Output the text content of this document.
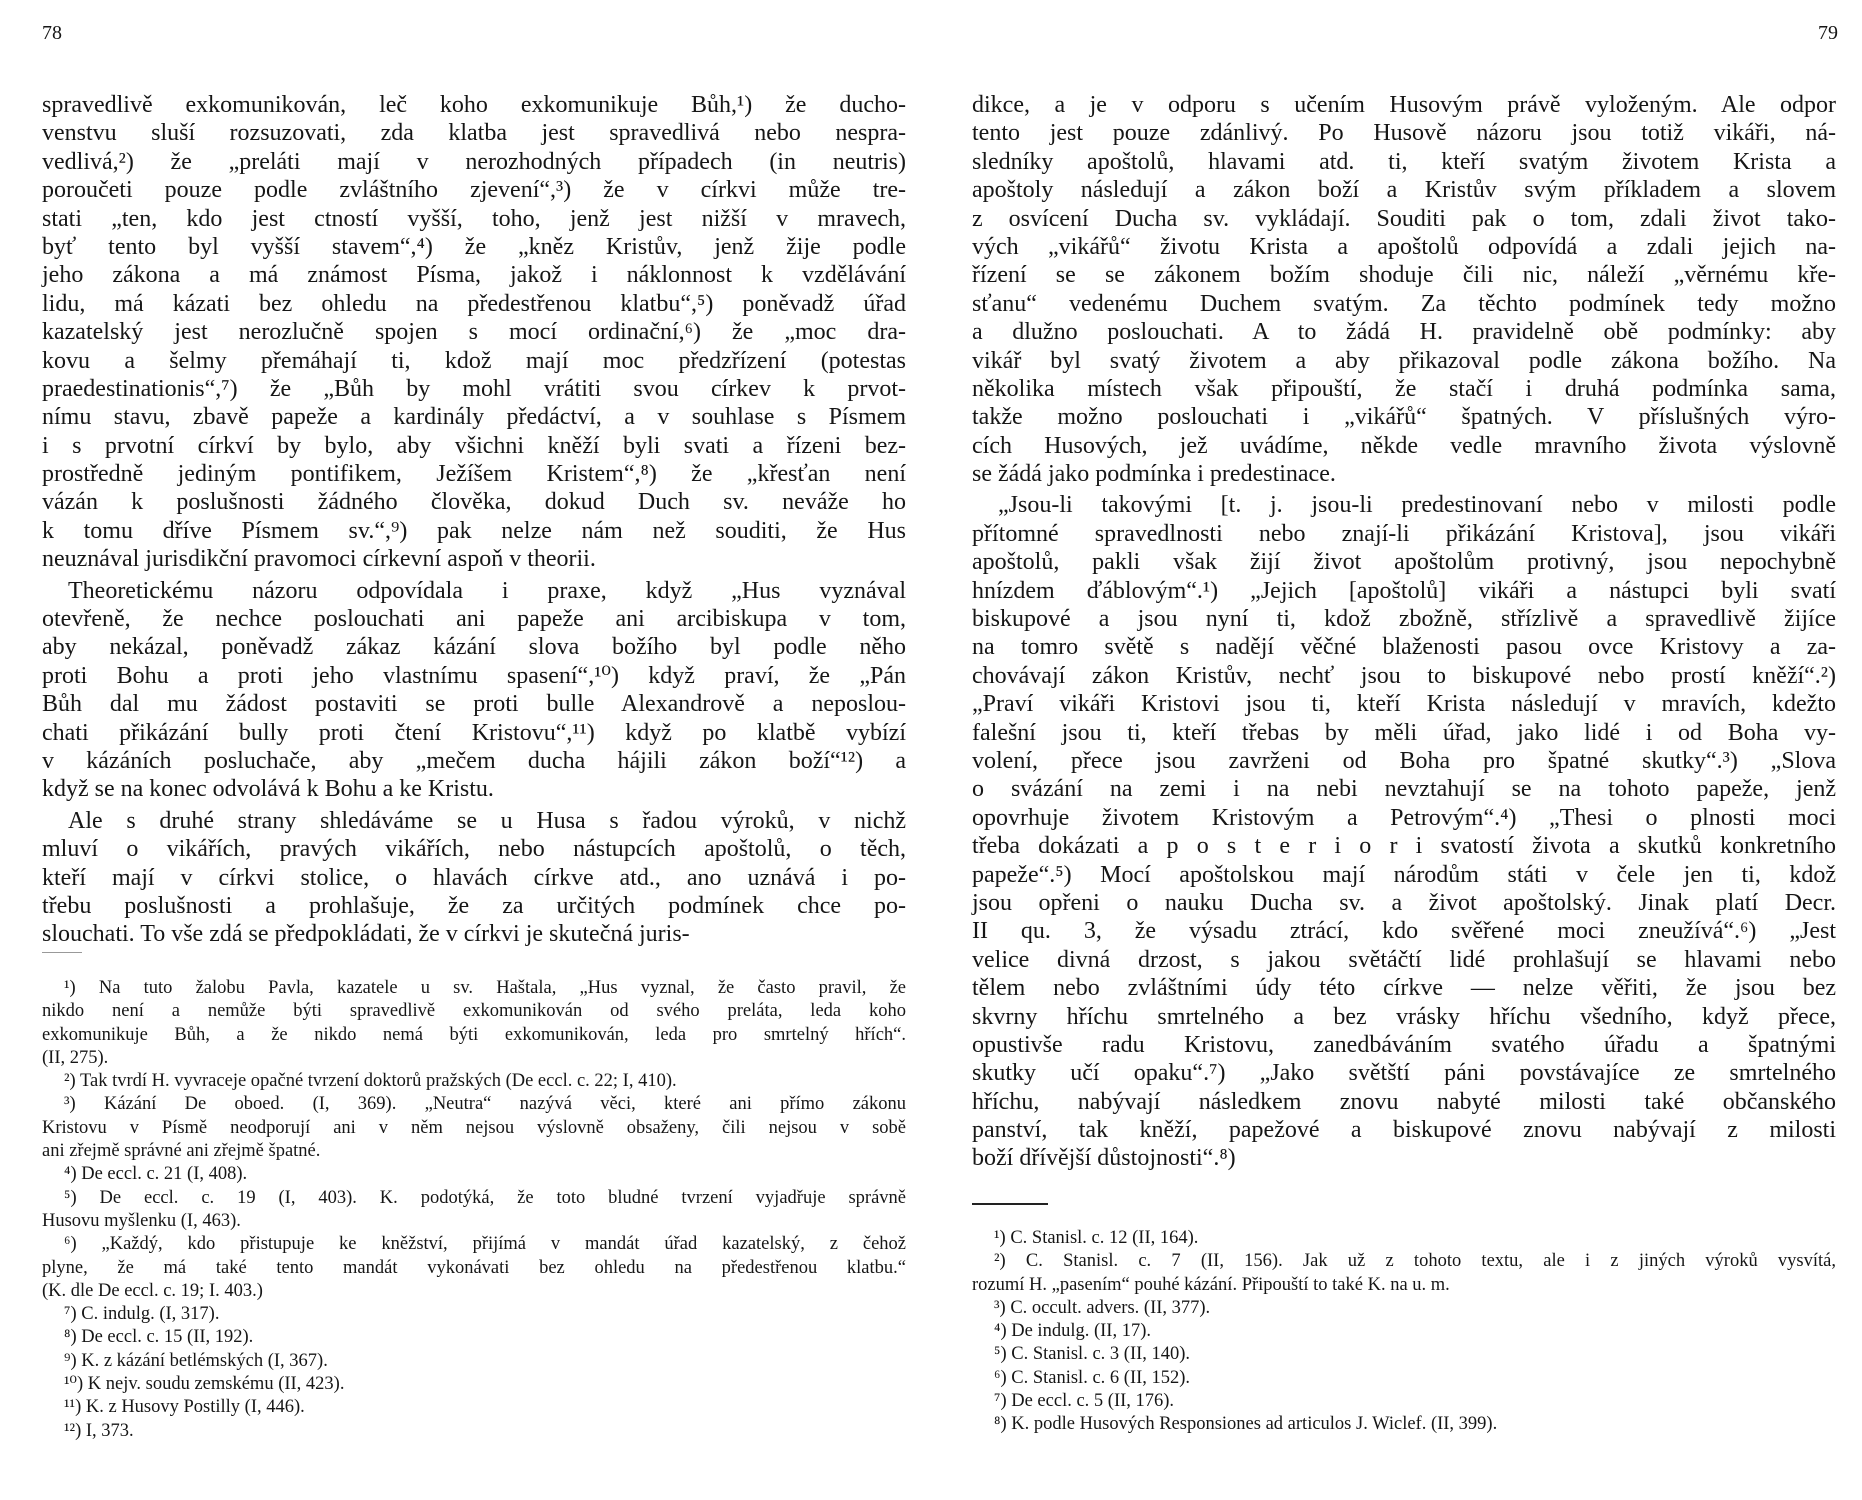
78	79
spravedlivě exkomunikován, leč koho exkomunikuje Bůh,¹) že ducho-
venstvu sluší rozsuzovati, zda klatba jest spravedlivá nebo nespra-
vedlivá,²) že „preláti mají v nerozhodných případech (in neutris)
poroučeti pouze podle zvláštního zjevení“,³) že v církvi může tre-
stati „ten, kdo jest ctností vyšší, toho, jenž jest nižší v mravech,
byť tento byl vyšší stavem“,⁴) že „kněz Kristův, jenž žije podle
jeho zákona a má známost Písma, jakož i náklonnost k vzdělávání
lidu, má kázati bez ohledu na předestřenou klatbu“,⁵) poněvadž úřad
kazatelský jest nerozlučně spojen s mocí ordinační,⁶) že „moc dra-
kovu a šelmy přemáhají ti, kdož mají moc předzřízení (potestas
praedestinationis“,⁷) že „Bůh by mohl vrátiti svou církev k prvot-
nímu stavu, zbavě papeže a kardinály předáctví, a v souhlase s Písmem
i s prvotní církví by bylo, aby všichni kněží byli svati a řízeni bez-
prostředně jediným pontifikem, Ježíšem Kristem“,⁸) že „křesťan není
vázán k poslušnosti žádného člověka, dokud Duch sv. neváže ho
k tomu dříve Písmem sv.“,⁹) pak nelze nám než souditi, že Hus
neuznával jurisdikční pravomoci církevní aspoň v theorii.
Theoretickému názoru odpovídala i praxe, když „Hus vyznával
otevřeně, že nechce poslouchati ani papeže ani arcibiskupa v tom,
aby nekázal, poněvadž zákaz kázání slova božího byl podle něho
proti Bohu a proti jeho vlastnímu spasení“,¹⁰) když praví, že „Pán
Bůh dal mu žádost postaviti se proti bulle Alexandrově a neposlou-
chati přikázání bully proti čtení Kristovu“,¹¹) když po klatbě vybízí
v kázáních posluchače, aby „mečem ducha hájili zákon boží“¹²) a
když se na konec odvolává k Bohu a ke Kristu.
Ale s druhé strany shledáváme se u Husa s řadou výroků, v nichž
mluví o vikářích, pravých vikářích, nebo nástupcích apoštolů, o těch,
kteří mají v církvi stolice, o hlavách církve atd., ano uznává i po-
třebu poslušnosti a prohlašuje, že za určitých podmínek chce po-
slouchati. To vše zdá se předpokládati, že v církvi je skutečná juris-
¹) Na tuto žalobu Pavla, kazatele u sv. Haštala, „Hus vyznal, že často pravil, že
nikdo není a nemůže býti spravedlivě exkomunikován od svého preláta, leda koho
exkomunikuje Bůh, a že nikdo nemá býti exkomunikován, leda pro smrtelný hřích“.
(II, 275).
²) Tak tvrdí H. vyvraceje opačné tvrzení doktorů pražských (De eccl. c. 22; I, 410).
³) Kázání De oboed. (I, 369). „Neutra“ nazývá věci, které ani přímo zákonu
Kristovu v Písmě neodporují ani v něm nejsou výslovně obsaženy, čili nejsou v sobě
ani zřejmě správné ani zřejmě špatné.
⁴) De eccl. c. 21 (I, 408).
⁵) De eccl. c. 19 (I, 403). K. podotýká, že toto bludné tvrzení vyjadřuje správně
Husovu myšlenku (I, 463).
⁶) „Každý, kdo přistupuje ke kněžství, přijímá v mandát úřad kazatelský, z čehož
plyne, že má také tento mandát vykonávati bez ohledu na předestřenou klatbu.“
(K. dle De eccl. c. 19; I. 403.)
⁷) C. indulg. (I, 317).
⁸) De eccl. c. 15 (II, 192).
⁹) K. z kázání betlémských (I, 367).
¹⁰) K nejv. soudu zemskému (II, 423).
¹¹) K. z Husovy Postilly (I, 446).
¹²) I, 373.
dikce, a je v odporu s učením Husovým právě vyloženým. Ale odpor
tento jest pouze zdánlivý. Po Husově názoru jsou totiž vikáři, ná-
sledníky apoštolů, hlavami atd. ti, kteří svatým životem Krista a
apoštoly následují a zákon boží a Kristův svým příkladem a slovem
z osvícení Ducha sv. vykládají. Souditi pak o tom, zdali život tako-
vých „vikářů“ životu Krista a apoštolů odpovídá a zdali jejich na-
řízení se se zákonem božím shoduje čili nic, náleží „věrnému kře-
sťanu“ vedenému Duchem svatým. Za těchto podmínek tedy možno
a dlužno poslouchati. A to žádá H. pravidelně obě podmínky: aby
vikář byl svatý životem a aby přikazoval podle zákona božího. Na
několika místech však připouští, že stačí i druhá podmínka sama,
takže možno poslouchati i „vikářů“ špatných. V příslušných výro-
cích Husových, jež uvádíme, někde vedle mravního života výslovně
se žádá jako podmínka i predestinace.
„Jsou-li takovými [t. j. jsou-li predestinovaní nebo v milosti podle
přítomné spravedlnosti nebo znají-li přikázání Kristova], jsou vikáři
apoštolů, pakli však žijí život apoštolům protivný, jsou nepochybně
hnízdem ďáblovým“.¹) „Jejich [apoštolů] vikáři a nástupci byli svatí
biskupové a jsou nyní ti, kdož zbožně, střízlivě a spravedlivě žijíce
na tomro světě s nadějí věčné blaženosti pasou ovce Kristovy a za-
chovávají zákon Kristův, nechť jsou to biskupové nebo prostí kněží“.²)
„Praví vikáři Kristovi jsou ti, kteří Krista následují v mravích, kdežto
falešní jsou ti, kteří třebas by měli úřad, jako lidé i od Boha vy-
volení, přece jsou zavrženi od Boha pro špatné skutky“.³) „Slova
o svázání na zemi i na nebi nevztahují se na tohoto papeže, jenž
opovrhuje životem Kristovým a Petrovým“.⁴) „Thesi o plnosti moci
třeba dokázati a p o s t e r i o r i svatostí života a skutků konkretního
papeže“.⁵) Mocí apoštolskou mají národům státi v čele jen ti, kdož
jsou opřeni o nauku Ducha sv. a život apoštolský. Jinak platí Decr.
II qu. 3, že výsadu ztrácí, kdo svěřené moci zneužívá“.⁶) „Jest
velice divná drzost, s jakou světáčtí lidé prohlašují se hlavami nebo
tělem nebo zvláštními údy této církve — nelze věřiti, že jsou bez
skvrny hříchu smrtelného a bez vrásky hříchu všedního, když přece,
opustivše radu Kristovu, zanedbáváním svatého úřadu a špatnými
skutky učí opaku“.⁷) „Jako světští páni povstávajíce ze smrtelného
hříchu, nabývají následkem znovu nabyté milosti také občanského
panství, tak kněží, papežové a biskupové znovu nabývají z milosti
boží dřívější důstojnosti“.⁸)
¹) C. Stanisl. c. 12 (II, 164).
²) C. Stanisl. c. 7 (II, 156). Jak už z tohoto textu, ale i z jiných výroků vysvítá,
rozumí H. „pasením“ pouhé kázání. Připouští to také K. na u. m.
³) C. occult. advers. (II, 377).
⁴) De indulg. (II, 17).
⁵) C. Stanisl. c. 3 (II, 140).
⁶) C. Stanisl. c. 6 (II, 152).
⁷) De eccl. c. 5 (II, 176).
⁸) K. podle Husových Responsiones ad articulos J. Wiclef. (II, 399).
